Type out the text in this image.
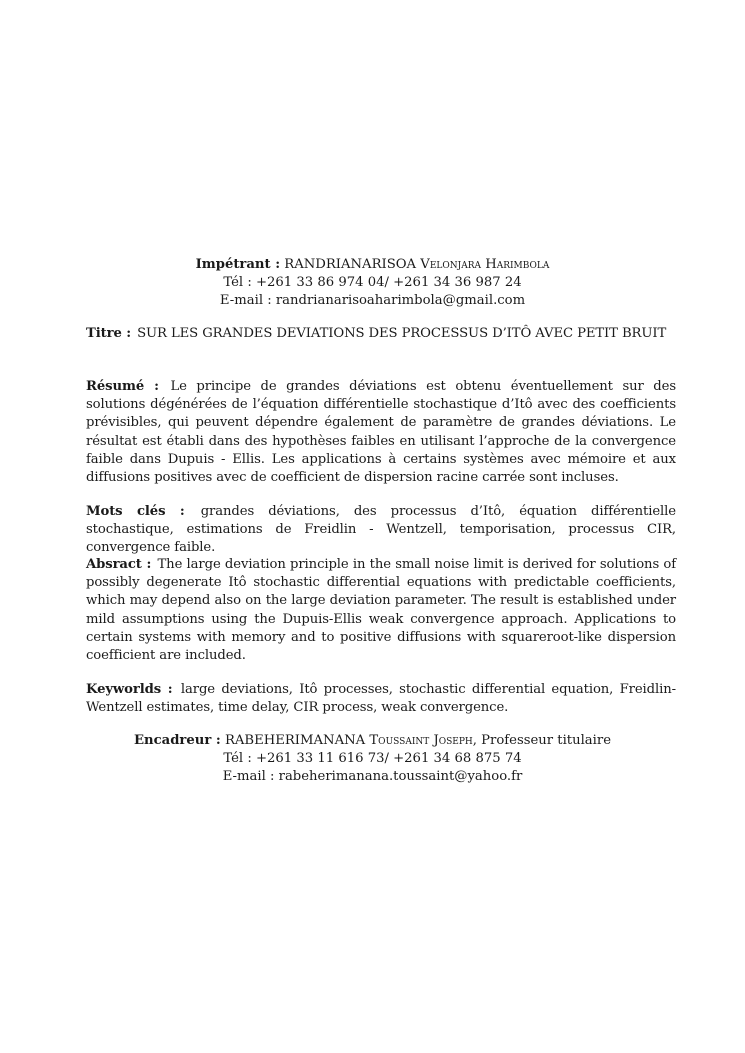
Impétrant : RANDRIANARISOA Velonjara Harimbola
Tél : +261 33 86 974 04/ +261 34 36 987 24
E-mail : randrianarisoaharimbola@gmail.com
Titre : SUR LES GRANDES DEVIATIONS DES PROCESSUS D’ITÔ AVEC PETIT BRUIT
Résumé : Le principe de grandes déviations est obtenu éventuellement sur des solutions dégénérées de l’équation différentielle stochastique d’Itô avec des coefficients prévisibles, qui peuvent dépendre également de paramètre de grandes déviations. Le résultat est établi dans des hypothèses faibles en utilisant l’approche de la convergence faible dans Dupuis - Ellis. Les applications à certains systèmes avec mémoire et aux diffusions positives avec de coefficient de dispersion racine carrée sont incluses.
Mots clés : grandes déviations, des processus d’Itô, équation différentielle stochastique, estimations de Freidlin - Wentzell, temporisation, processus CIR, convergence faible.
Absract : The large deviation principle in the small noise limit is derived for solutions of possibly degenerate Itô stochastic differential equations with predictable coefficients, which may depend also on the large deviation parameter. The result is established under mild assumptions using the Dupuis-Ellis weak convergence approach. Applications to certain systems with memory and to positive diffusions with squareroot-like dispersion coefficient are included.
Keyworlds : large deviations, Itô processes, stochastic differential equation, Freidlin-Wentzell estimates, time delay, CIR process, weak convergence.
Encadreur : RABEHERIMANANA Toussaint Joseph, Professeur titulaire
Tél : +261 33 11 616 73/ +261 34 68 875 74
E-mail : rabeherimanana.toussaint@yahoo.fr
